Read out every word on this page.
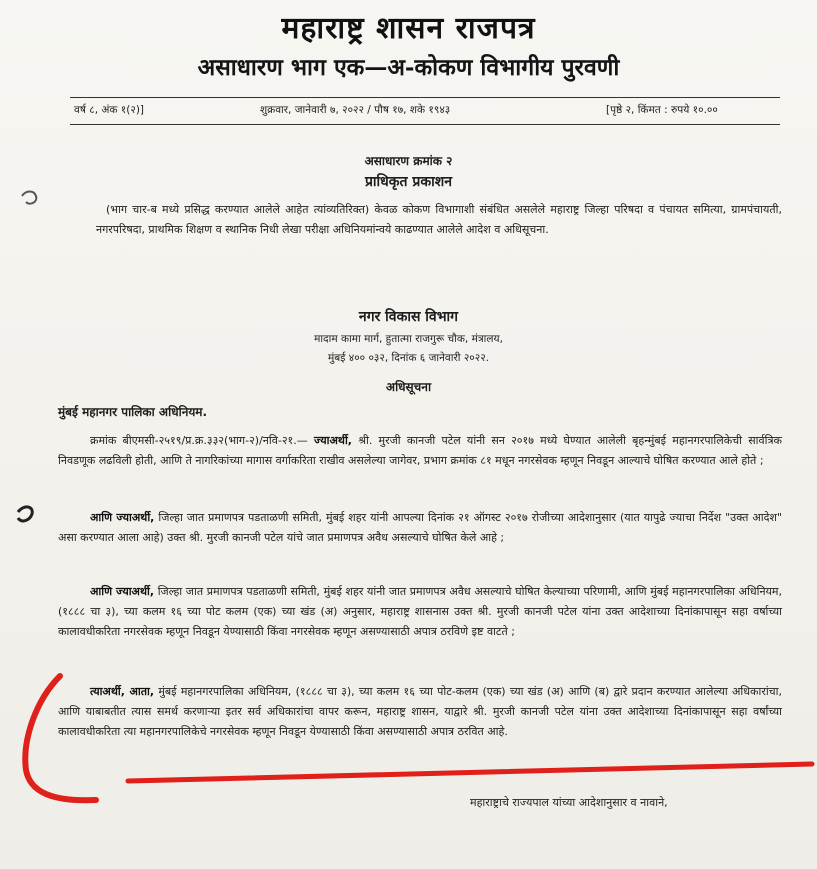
महाराष्ट्र शासन राजपत्र
असाधारण भाग एक—अ-कोकण विभागीय पुरवणी
वर्ष ८, अंक १(२)]	शुक्रवार, जानेवारी ७, २०२२ / पौष १७, शके १९४३	[पृष्ठे २, किंमत : रुपये १०.००
असाधारण क्रमांक २
प्राधिकृत प्रकाशन
(भाग चार-ब मध्ये प्रसिद्ध करण्यात आलेले आहेत त्यांव्यतिरिक्त) केवळ कोकण विभागाशी संबंधित असलेले महाराष्ट्र जिल्हा परिषदा व पंचायत समित्या, ग्रामपंचायती, नगरपरिषदा, प्राथमिक शिक्षण व स्थानिक निधी लेखा परीक्षा अधिनियमांन्वये काढण्यात आलेले आदेश व अधिसूचना.
नगर विकास विभाग
मादाम कामा मार्ग, हुतात्मा राजगुरू चौक, मंत्रालय,
मुंबई ४०० ०३२, दिनांक ६ जानेवारी २०२२.
अधिसूचना
मुंबई महानगर पालिका अधिनियम.
क्रमांक बीएमसी-२५१९/प्र.क्र.३३२(भाग-२)/नवि-२१.— ज्याअर्थी, श्री. मुरजी कानजी पटेल यांनी सन २०१७ मध्ये घेण्यात आलेली बृहन्मुंबई महानगरपालिकेची सार्वत्रिक निवडणूक लढविली होती, आणि ते नागरिकांच्या मागास वर्गाकरिता राखीव असलेल्या जागेवर, प्रभाग क्रमांक ८१ मधून नगरसेवक म्हणून निवडून आल्याचे घोषित करण्यात आले होते ;
आणि ज्याअर्थी, जिल्हा जात प्रमाणपत्र पडताळणी समिती, मुंबई शहर यांनी आपल्या दिनांक २१ ऑगस्ट २०१७ रोजीच्या आदेशानुसार (यात यापुढे ज्याचा निर्देश "उक्त आदेश" असा करण्यात आला आहे) उक्त श्री. मुरजी कानजी पटेल यांचे जात प्रमाणपत्र अवैध असल्याचे घोषित केले आहे ;
आणि ज्याअर्थी, जिल्हा जात प्रमाणपत्र पडताळणी समिती, मुंबई शहर यांनी जात प्रमाणपत्र अवैध असल्याचे घोषित केल्याच्या परिणामी, आणि मुंबई महानगरपालिका अधिनियम, (१८८८ चा ३), च्या कलम १६ च्या पोट कलम (एक) च्या खंड (अ) अनुसार, महाराष्ट्र शासनास उक्त श्री. मुरजी कानजी पटेल यांना उक्त आदेशाच्या दिनांकापासून सहा वर्षाच्या कालावधीकरिता नगरसेवक म्हणून निवडून येण्यासाठी किंवा नगरसेवक म्हणून असण्यासाठी अपात्र ठरविणे इष्ट वाटते ;
त्याअर्थी, आता, मुंबई महानगरपालिका अधिनियम, (१८८८ चा ३), च्या कलम १६ च्या पोट-कलम (एक) च्या खंड (अ) आणि (ब) द्वारे प्रदान करण्यात आलेल्या अधिकारांचा, आणि याबाबतीत त्यास समर्थ करणाऱ्या इतर सर्व अधिकारांचा वापर करून, महाराष्ट्र शासन, याद्वारे श्री. मुरजी कानजी पटेल यांना उक्त आदेशाच्या दिनांकापासून सहा वर्षांच्या कालावधीकरिता त्या महानगरपालिकेचे नगरसेवक म्हणून निवडून येण्यासाठी किंवा असण्यासाठी अपात्र ठरवित आहे.
महाराष्ट्राचे राज्यपाल यांच्या आदेशानुसार व नावाने,
